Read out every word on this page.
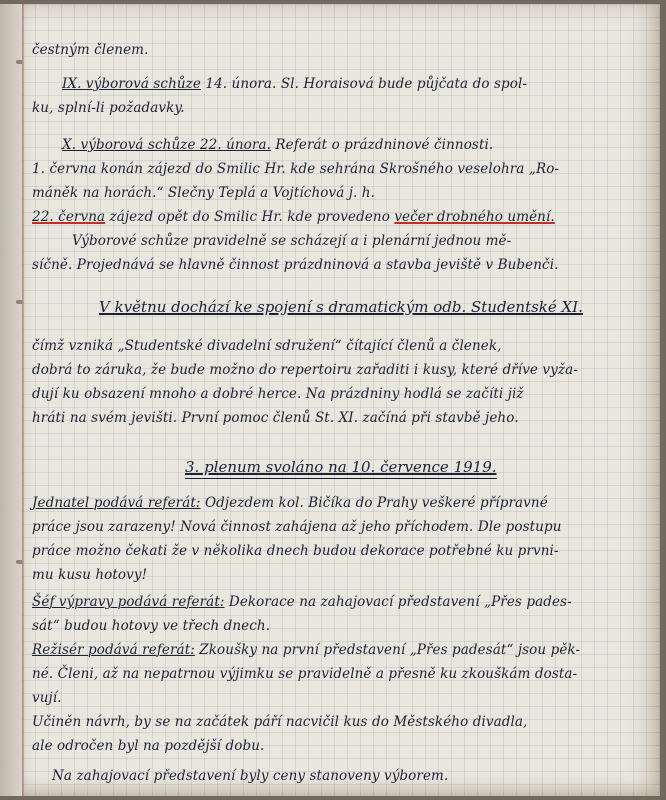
čestným členem.

IX. výborová schůze 14. února. Sl. Horaisová bude půjčata do spol-

ku, splní-li požadavky.

X. výborová schůze 22. února. Referát o prázdninové činnosti.

1. června konán zájezd do Smilic Hr. kde sehrána Skrošného veselohra „Ro-

máněk na horách.“ Slečny Teplá a Vojtíchová j. h.

22. června zájezd opět do Smilic Hr. kde provedeno večer drobného umění.

Výborové schůze pravidelně se scházejí a i plenární jednou mě-

síčně. Projednává se hlavně činnost prázdninová a stavba jeviště v Bubenči.

V květnu dochází ke spojení s dramatickým odb. Studentské XI.

čímž vzniká „Studentské divadelní sdružení“ čítající členů a členek,

dobrá to záruka, že bude možno do repertoiru zařaditi i kusy, které dříve vyža-

dují ku obsazení mnoho a dobré herce. Na prázdniny hodlá se začíti již

hráti na svém jevišti. První pomoc členů St. XI. začíná při stavbě jeho.

3. plenum svoláno na 10. července 1919.

Jednatel podává referát: Odjezdem kol. Bičíka do Prahy veškeré přípravné

práce jsou zarazeny! Nová činnost zahájena až jeho příchodem. Dle postupu

práce možno čekati že v několika dnech budou dekorace potřebné ku prvni-

mu kusu hotovy!

Šéf výpravy podává referát: Dekorace na zahajovací představení „Přes pades-

sát“ budou hotovy ve třech dnech.

Režisér podává referát: Zkoušky na první představení „Přes padesát“ jsou pěk-

né. Členi, až na nepatrnou výjimku se pravidelně a přesně ku zkouškám dosta-

vují.

Učiněn návrh, by se na začátek páří nacvičil kus do Městského divadla,

ale odročen byl na pozdější dobu.

Na zahajovací představení byly ceny stanoveny výborem.
